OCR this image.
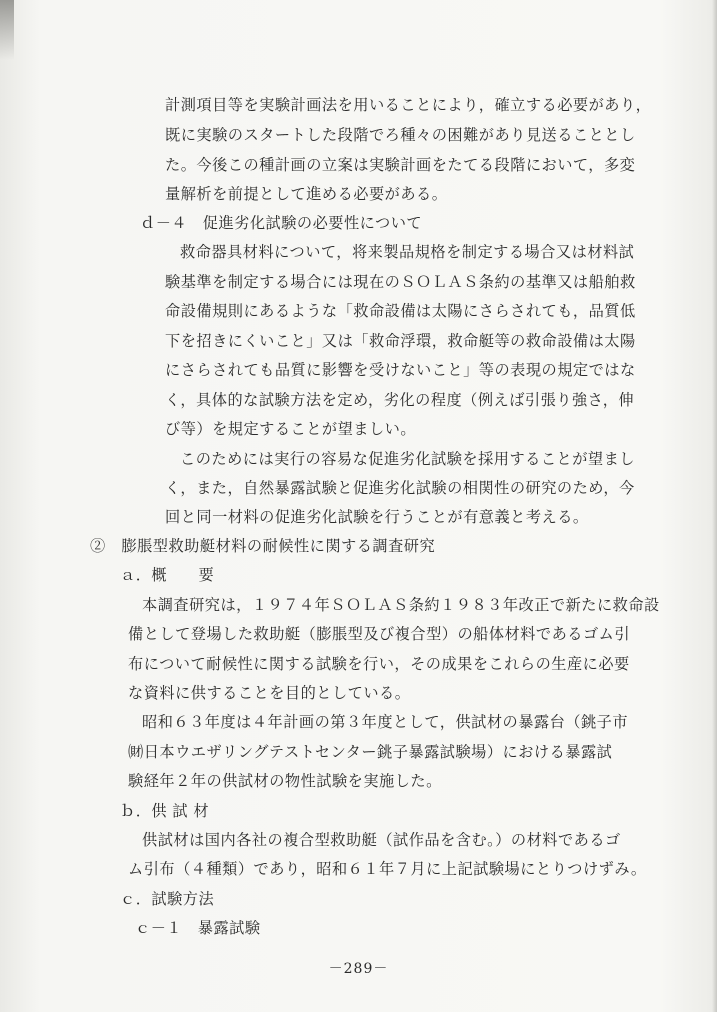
計測項目等を実験計画法を用いることにより，確立する必要があり，
既に実験のスタートした段階でろ種々の困難があり見送ることとし
た。今後この種計画の立案は実験計画をたてる段階において，多変
量解析を前提として進める必要がある。
ｄ－４　促進劣化試験の必要性について
救命器具材料について，将来製品規格を制定する場合又は材料試
験基準を制定する場合には現在のＳＯＬＡＳ条約の基準又は船舶救
命設備規則にあるような「救命設備は太陽にさらされても，品質低
下を招きにくいこと」又は「救命浮環，救命艇等の救命設備は太陽
にさらされても品質に影響を受けないこと」等の表現の規定ではな
く，具体的な試験方法を定め，劣化の程度（例えば引張り強さ，伸
び等）を規定することが望ましい。
このためには実行の容易な促進劣化試験を採用することが望まし
く，また，自然暴露試験と促進劣化試験の相関性の研究のため，今
回と同一材料の促進劣化試験を行うことが有意義と考える。
②　膨脹型救助艇材料の耐候性に関する調査研究
ａ．概　　要
本調査研究は，１９７４年ＳＯＬＡＳ条約１９８３年改正で新たに救命設
備として登場した救助艇（膨脹型及び複合型）の船体材料であるゴム引
布について耐候性に関する試験を行い，その成果をこれらの生産に必要
な資料に供することを目的としている。
昭和６３年度は４年計画の第３年度として，供試材の暴露台（銚子市
㈶日本ウエザリングテストセンター銚子暴露試験場）における暴露試
験経年２年の供試材の物性試験を実施した。
ｂ．供 試 材
供試材は国内各社の複合型救助艇（試作品を含む。）の材料であるゴ
ム引布（４種類）であり，昭和６１年７月に上記試験場にとりつけずみ。
ｃ．試験方法
ｃ－１　暴露試験
－289－
